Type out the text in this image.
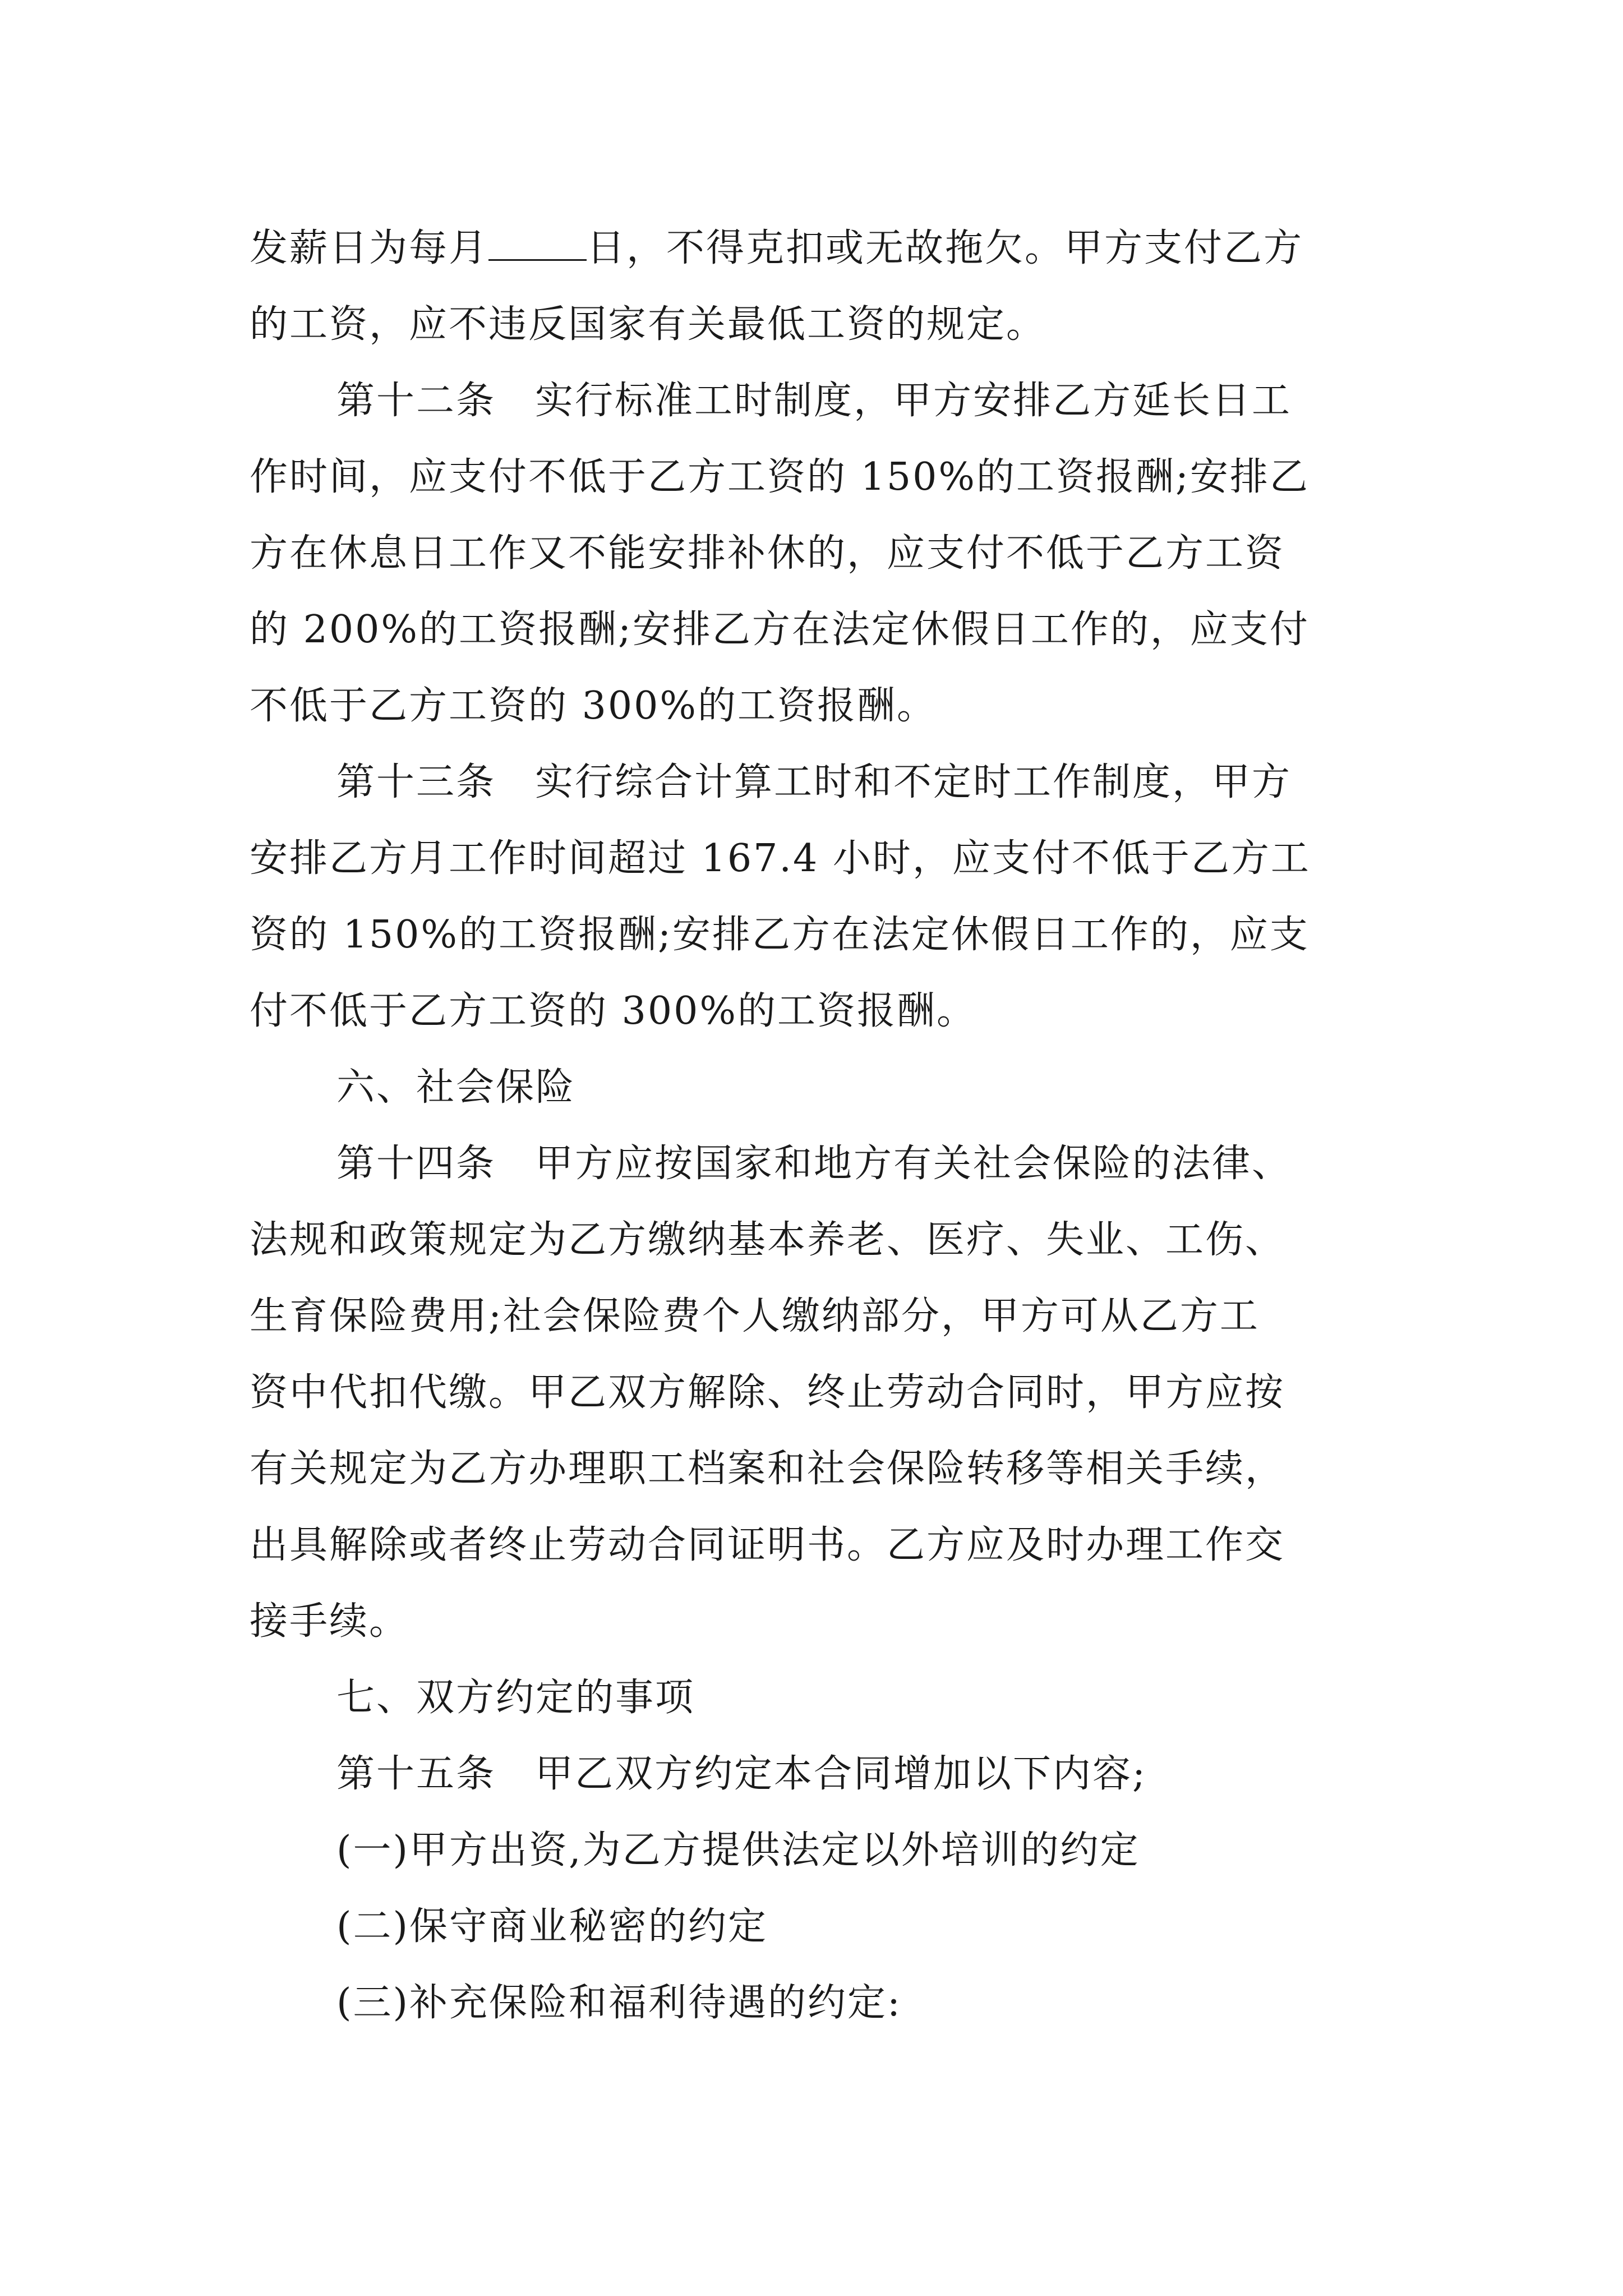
发薪日为每月	日，不得克扣或无故拖欠。甲方支付乙方
的工资，应不违反国家有关最低工资的规定。
第十二条 实行标准工时制度，甲方安排乙方延长日工
作时间，应支付不低于乙方工资的 150%的工资报酬;安排乙
方在休息日工作又不能安排补休的，应支付不低于乙方工资
的 200%的工资报酬;安排乙方在法定休假日工作的，应支付
不低于乙方工资的 300%的工资报酬。
第十三条 实行综合计算工时和不定时工作制度，甲方
安排乙方月工作时间超过 167.4 小时，应支付不低于乙方工
资的 150%的工资报酬;安排乙方在法定休假日工作的，应支
付不低于乙方工资的 300%的工资报酬。
六、社会保险
第十四条 甲方应按国家和地方有关社会保险的法律、
法规和政策规定为乙方缴纳基本养老、医疗、失业、工伤、
生育保险费用;社会保险费个人缴纳部分，甲方可从乙方工
资中代扣代缴。甲乙双方解除、终止劳动合同时，甲方应按
有关规定为乙方办理职工档案和社会保险转移等相关手续，
出具解除或者终止劳动合同证明书。乙方应及时办理工作交
接手续。
七、双方约定的事项
第十五条 甲乙双方约定本合同增加以下内容;
(一)甲方出资,为乙方提供法定以外培训的约定
(二)保守商业秘密的约定
(三)补充保险和福利待遇的约定:
